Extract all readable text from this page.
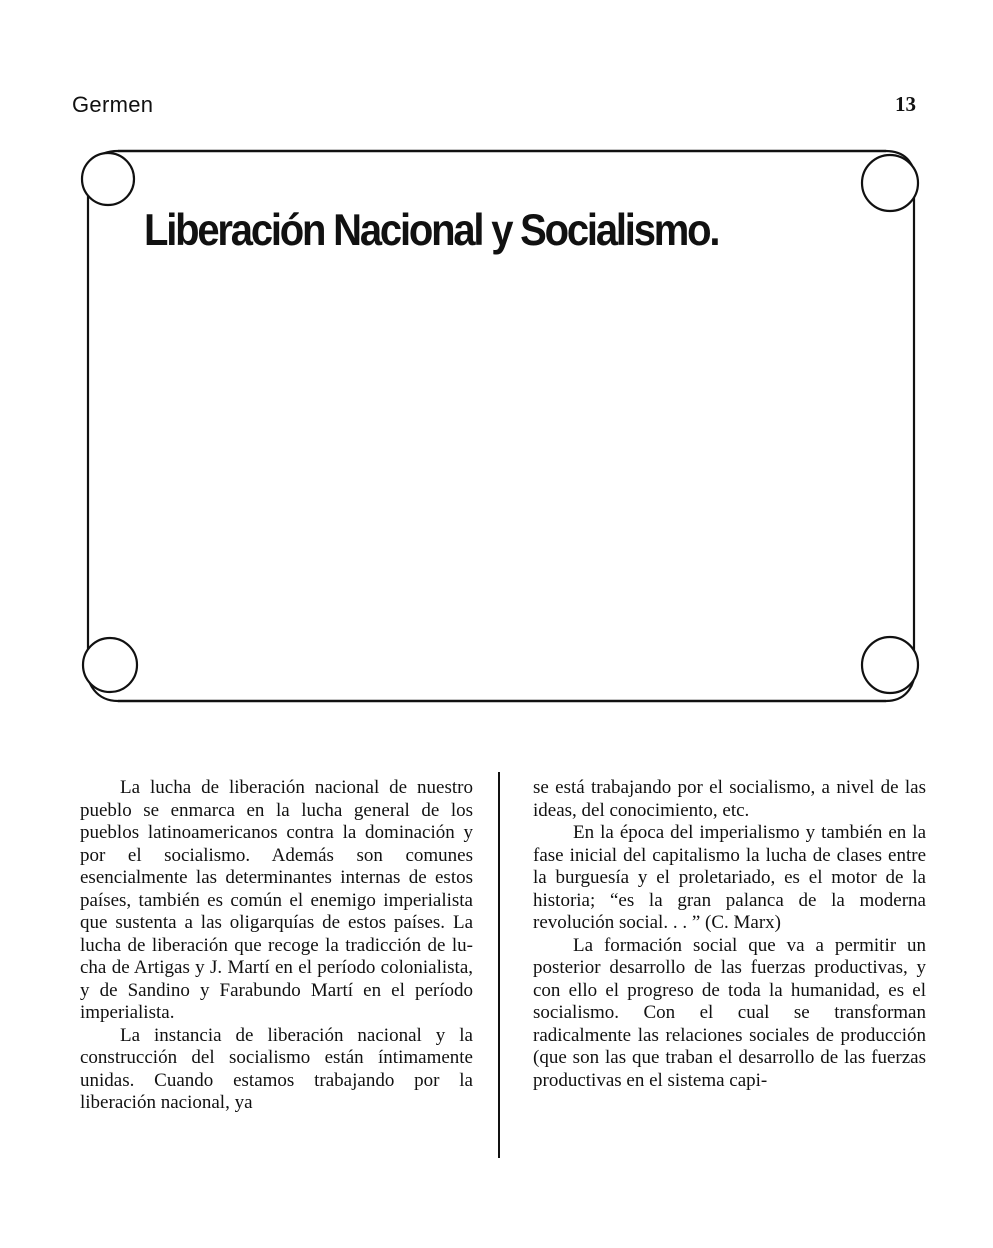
Germen	13
Liberación Nacional y Socialismo.

La lucha de liberación nacional de nuestro pueblo se enmarca en la lucha general de los pueblos latinoamericanos contra la dominación y por el socialismo. Además son comunes esencialmente las determinantes internas de estos países, también es común el enemigo imperialista que sustenta a las oligarquías de estos países. La lucha de liberación que recoge la tradicción de lucha de Artigas y J. Martí en el período colonialista, y de Sandino y Farabundo Martí en el período imperialista.

La instancia de liberación nacional y la construcción del socialismo están íntimamente unidas. Cuando estamos trabajando por la liberación nacional, ya

se está trabajando por el socialismo, a nivel de las ideas, del conocimiento, etc.

En la época del imperialismo y también en la fase inicial del capitalismo la lucha de clases entre la burguesía y el proletariado, es el motor de la historia; “es la gran palanca de la moderna revolución social. . . ” (C. Marx)

La formación social que va a permitir un posterior desarrollo de las fuerzas productivas, y con ello el progreso de toda la humanidad, es el socialismo. Con el cual se transforman radicalmente las relaciones sociales de producción (que son las que traban el desarrollo de las fuerzas productivas en el sistema capi-
